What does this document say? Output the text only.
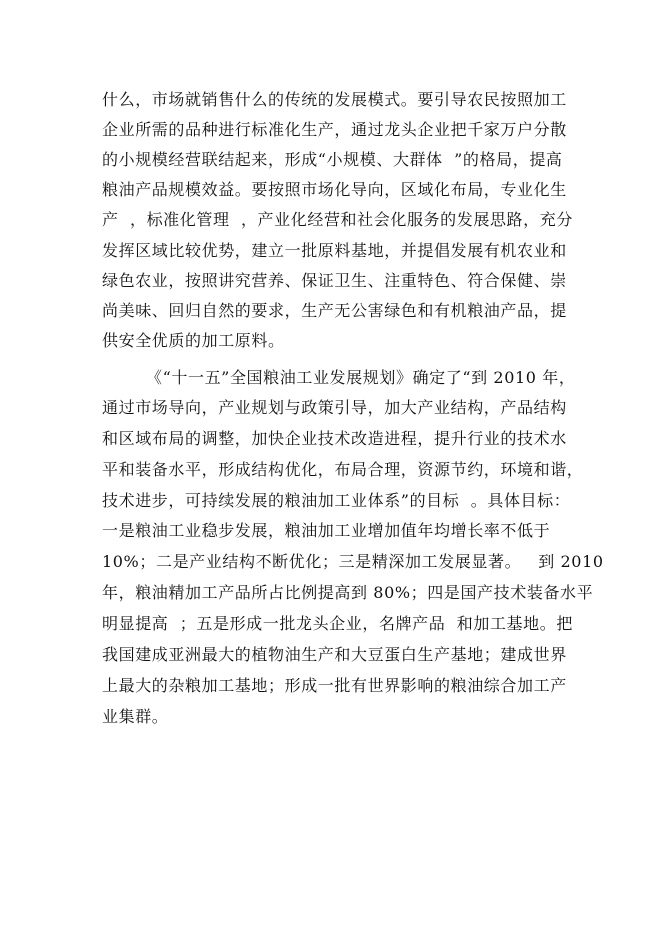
什么，市场就销售什么的传统的发展模式。要引导农民按照加工
企业所需的品种进行标准化生产，通过龙头企业把千家万户分散
的小规模经营联结起来，形成“小规模、大群体  ”的格局，提高
粮油产品规模效益。要按照市场化导向，区域化布局，专业化生
产  ，标准化管理  ，产业化经营和社会化服务的发展思路，充分
发挥区域比较优势，建立一批原料基地，并提倡发展有机农业和
绿色农业，按照讲究营养、保证卫生、注重特色、符合保健、崇
尚美味、回归自然的要求，生产无公害绿色和有机粮油产品，提
供安全优质的加工原料。
《“十一五”全国粮油工业发展规划》确定了“到 2010 年，
通过市场导向，产业规划与政策引导，加大产业结构，产品结构
和区域布局的调整，加快企业技术改造进程，提升行业的技术水
平和装备水平，形成结构优化，布局合理，资源节约，环境和谐，
技术进步，可持续发展的粮油加工业体系”的目标  。具体目标：
一是粮油工业稳步发展，粮油加工业增加值年均增长率不低于
10%；二是产业结构不断优化；三是精深加工发展显著。   到 2010
年，粮油精加工产品所占比例提高到 80%；四是国产技术装备水平
明显提高  ；五是形成一批龙头企业，名牌产品  和加工基地。把
我国建成亚洲最大的植物油生产和大豆蛋白生产基地；建成世界
上最大的杂粮加工基地；形成一批有世界影响的粮油综合加工产
业集群。
